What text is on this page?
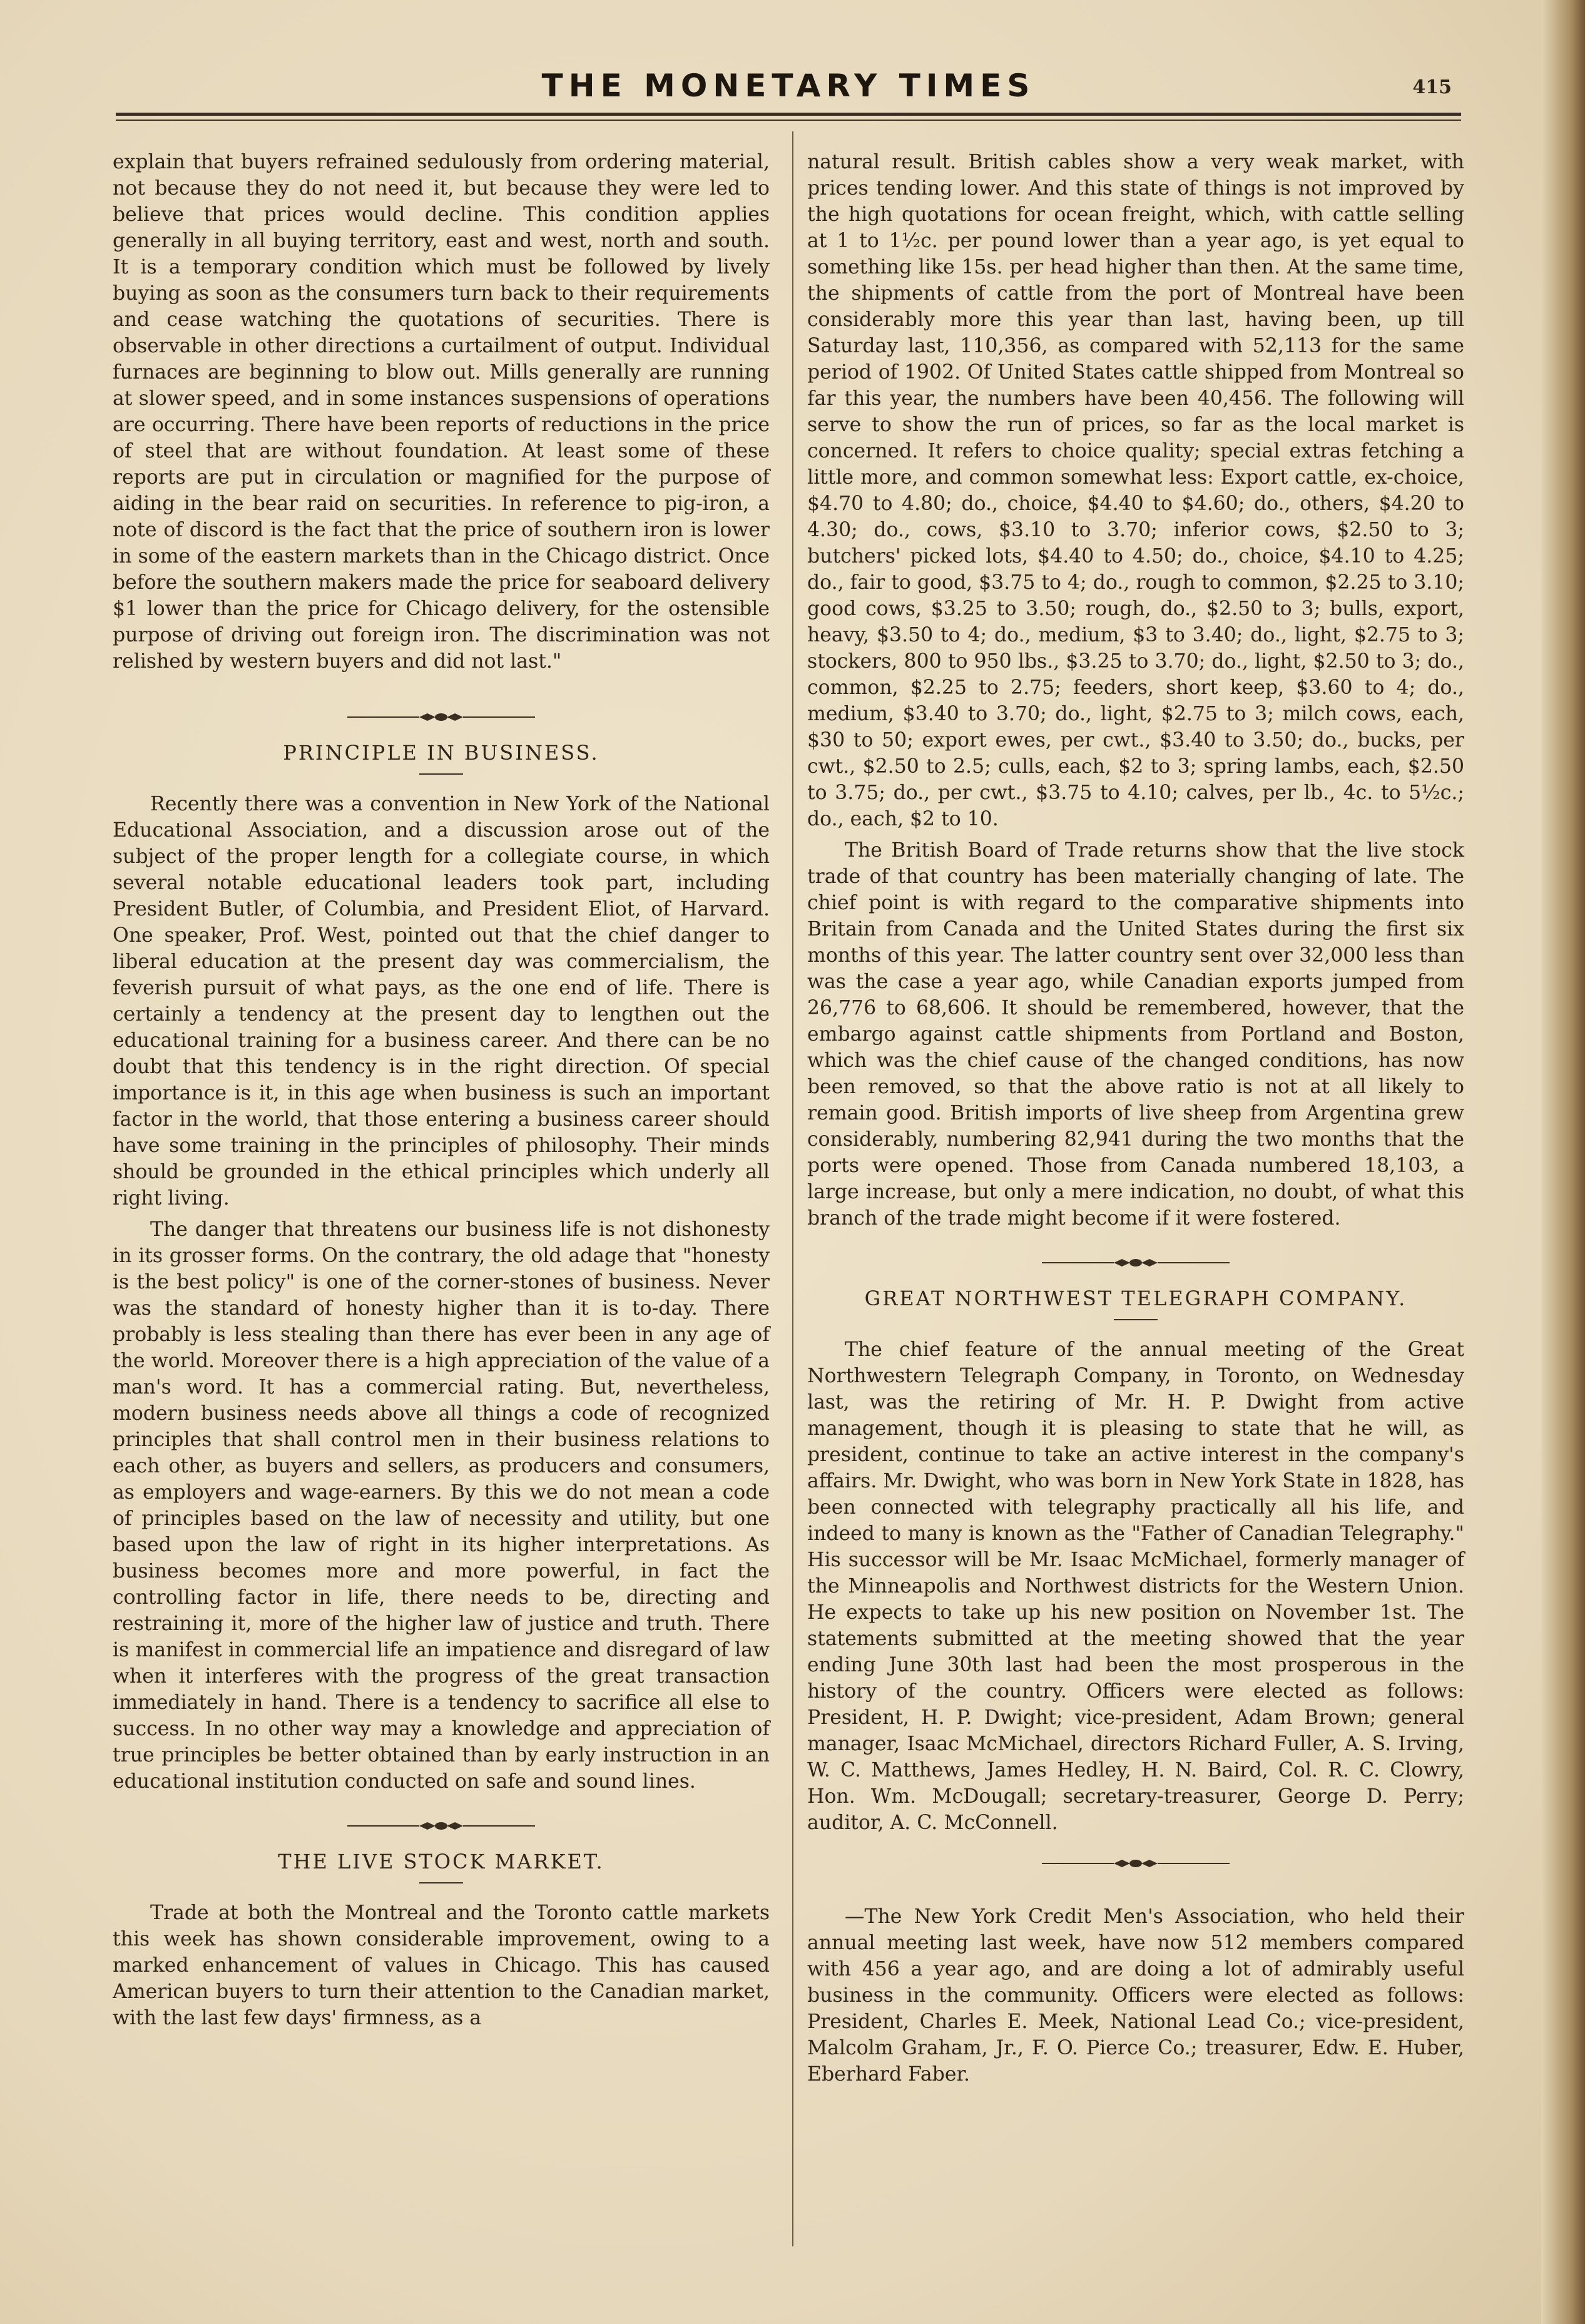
THE MONETARY TIMES	415

explain that buyers refrained sedulously from ordering material, not because they do not need it, but because they were led to believe that prices would decline. This condition applies generally in all buying territory, east and west, north and south. It is a temporary condition which must be followed by lively buying as soon as the consumers turn back to their requirements and cease watching the quotations of securities. There is observable in other directions a curtailment of output. Individual furnaces are beginning to blow out. Mills generally are running at slower speed, and in some instances suspensions of operations are occurring. There have been reports of reductions in the price of steel that are without foundation. At least some of these reports are put in circulation or magnified for the purpose of aiding in the bear raid on securities. In reference to pig-iron, a note of discord is the fact that the price of southern iron is lower in some of the eastern markets than in the Chicago district. Once before the southern makers made the price for seaboard delivery $1 lower than the price for Chicago delivery, for the ostensible purpose of driving out foreign iron. The discrimination was not relished by western buyers and did not last."

PRINCIPLE IN BUSINESS.

Recently there was a convention in New York of the National Educational Association, and a discussion arose out of the subject of the proper length for a collegiate course, in which several notable educational leaders took part, including President Butler, of Columbia, and President Eliot, of Harvard. One speaker, Prof. West, pointed out that the chief danger to liberal education at the present day was commercialism, the feverish pursuit of what pays, as the one end of life. There is certainly a tendency at the present day to lengthen out the educational training for a business career. And there can be no doubt that this tendency is in the right direction. Of special importance is it, in this age when business is such an important factor in the world, that those entering a business career should have some training in the principles of philosophy. Their minds should be grounded in the ethical principles which underly all right living.

The danger that threatens our business life is not dishonesty in its grosser forms. On the contrary, the old adage that "honesty is the best policy" is one of the corner-stones of business. Never was the standard of honesty higher than it is to-day. There probably is less stealing than there has ever been in any age of the world. Moreover there is a high appreciation of the value of a man's word. It has a commercial rating. But, nevertheless, modern business needs above all things a code of recognized principles that shall control men in their business relations to each other, as buyers and sellers, as producers and consumers, as employers and wage-earners. By this we do not mean a code of principles based on the law of necessity and utility, but one based upon the law of right in its higher interpretations. As business becomes more and more powerful, in fact the controlling factor in life, there needs to be, directing and restraining it, more of the higher law of justice and truth. There is manifest in commercial life an impatience and disregard of law when it interferes with the progress of the great transaction immediately in hand. There is a tendency to sacrifice all else to success. In no other way may a knowledge and appreciation of true principles be better obtained than by early instruction in an educational institution conducted on safe and sound lines.

THE LIVE STOCK MARKET.

Trade at both the Montreal and the Toronto cattle markets this week has shown considerable improvement, owing to a marked enhancement of values in Chicago. This has caused American buyers to turn their attention to the Canadian market, with the last few days' firmness, as a

natural result. British cables show a very weak market, with prices tending lower. And this state of things is not improved by the high quotations for ocean freight, which, with cattle selling at 1 to 1½c. per pound lower than a year ago, is yet equal to something like 15s. per head higher than then. At the same time, the shipments of cattle from the port of Montreal have been considerably more this year than last, having been, up till Saturday last, 110,356, as compared with 52,113 for the same period of 1902. Of United States cattle shipped from Montreal so far this year, the numbers have been 40,456. The following will serve to show the run of prices, so far as the local market is concerned. It refers to choice quality; special extras fetching a little more, and common somewhat less: Export cattle, ex-choice, $4.70 to 4.80; do., choice, $4.40 to $4.60; do., others, $4.20 to 4.30; do., cows, $3.10 to 3.70; inferior cows, $2.50 to 3; butchers' picked lots, $4.40 to 4.50; do., choice, $4.10 to 4.25; do., fair to good, $3.75 to 4; do., rough to common, $2.25 to 3.10; good cows, $3.25 to 3.50; rough, do., $2.50 to 3; bulls, export, heavy, $3.50 to 4; do., medium, $3 to 3.40; do., light, $2.75 to 3; stockers, 800 to 950 lbs., $3.25 to 3.70; do., light, $2.50 to 3; do., common, $2.25 to 2.75; feeders, short keep, $3.60 to 4; do., medium, $3.40 to 3.70; do., light, $2.75 to 3; milch cows, each, $30 to 50; export ewes, per cwt., $3.40 to 3.50; do., bucks, per cwt., $2.50 to 2.5; culls, each, $2 to 3; spring lambs, each, $2.50 to 3.75; do., per cwt., $3.75 to 4.10; calves, per lb., 4c. to 5½c.; do., each, $2 to 10.

The British Board of Trade returns show that the live stock trade of that country has been materially changing of late. The chief point is with regard to the comparative shipments into Britain from Canada and the United States during the first six months of this year. The latter country sent over 32,000 less than was the case a year ago, while Canadian exports jumped from 26,776 to 68,606. It should be remembered, however, that the embargo against cattle shipments from Portland and Boston, which was the chief cause of the changed conditions, has now been removed, so that the above ratio is not at all likely to remain good. British imports of live sheep from Argentina grew considerably, numbering 82,941 during the two months that the ports were opened. Those from Canada numbered 18,103, a large increase, but only a mere indication, no doubt, of what this branch of the trade might become if it were fostered.

GREAT NORTHWEST TELEGRAPH COMPANY.

The chief feature of the annual meeting of the Great Northwestern Telegraph Company, in Toronto, on Wednesday last, was the retiring of Mr. H. P. Dwight from active management, though it is pleasing to state that he will, as president, continue to take an active interest in the company's affairs. Mr. Dwight, who was born in New York State in 1828, has been connected with telegraphy practically all his life, and indeed to many is known as the "Father of Canadian Telegraphy." His successor will be Mr. Isaac McMichael, formerly manager of the Minneapolis and Northwest districts for the Western Union. He expects to take up his new position on November 1st. The statements submitted at the meeting showed that the year ending June 30th last had been the most prosperous in the history of the country. Officers were elected as follows: President, H. P. Dwight; vice-president, Adam Brown; general manager, Isaac McMichael, directors Richard Fuller, A. S. Irving, W. C. Matthews, James Hedley, H. N. Baird, Col. R. C. Clowry, Hon. Wm. McDougall; secretary-treasurer, George D. Perry; auditor, A. C. McConnell.

—The New York Credit Men's Association, who held their annual meeting last week, have now 512 members compared with 456 a year ago, and are doing a lot of admirably useful business in the community. Officers were elected as follows: President, Charles E. Meek, National Lead Co.; vice-president, Malcolm Graham, Jr., F. O. Pierce Co.; treasurer, Edw. E. Huber, Eberhard Faber.
